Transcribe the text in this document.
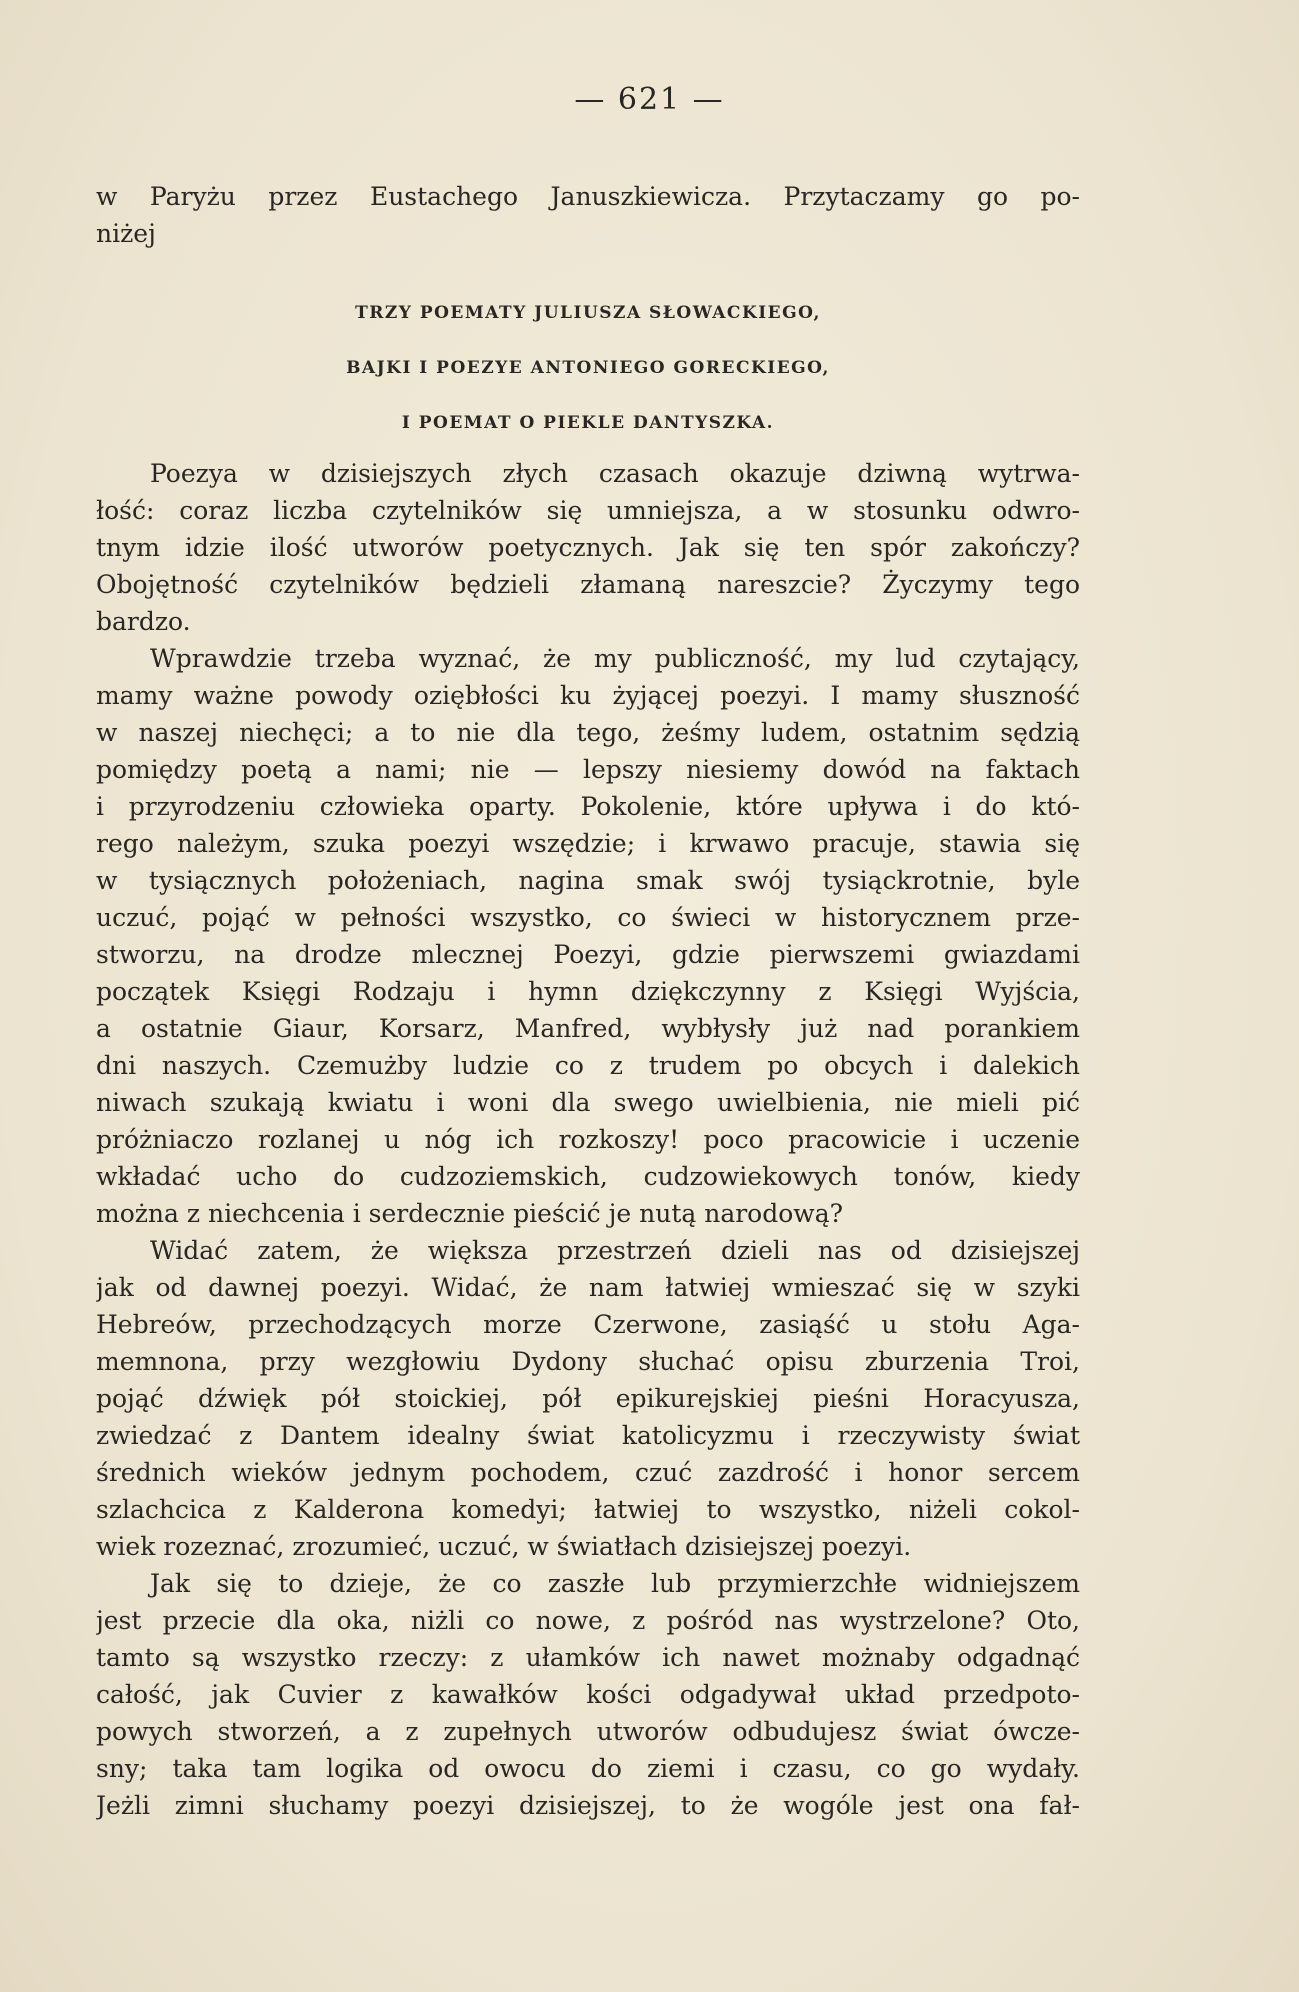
— 621 —
w Paryżu przez Eustachego Januszkiewicza. Przytaczamy go po-
niżej
TRZY POEMATY JULIUSZA SŁOWACKIEGO,
BAJKI I POEZYE ANTONIEGO GORECKIEGO,
I POEMAT O PIEKLE DANTYSZKA.
Poezya w dzisiejszych złych czasach okazuje dziwną wytrwa-
łość: coraz liczba czytelników się umniejsza, a w stosunku odwro-
tnym idzie ilość utworów poetycznych. Jak się ten spór zakończy?
Obojętność czytelników będzieli złamaną nareszcie? Życzymy tego
bardzo.
Wprawdzie trzeba wyznać, że my publiczność, my lud czytający,
mamy ważne powody oziębłości ku żyjącej poezyi. I mamy słuszność
w naszej niechęci; a to nie dla tego, żeśmy ludem, ostatnim sędzią
pomiędzy poetą a nami; nie — lepszy niesiemy dowód na faktach
i przyrodzeniu człowieka oparty. Pokolenie, które upływa i do któ-
rego należym, szuka poezyi wszędzie; i krwawo pracuje, stawia się
w tysiącznych położeniach, nagina smak swój tysiąckrotnie, byle
uczuć, pojąć w pełności wszystko, co świeci w historycznem prze-
stworzu, na drodze mlecznej Poezyi, gdzie pierwszemi gwiazdami
początek Księgi Rodzaju i hymn dziękczynny z Księgi Wyjścia,
a ostatnie Giaur, Korsarz, Manfred, wybłysły już nad porankiem
dni naszych. Czemużby ludzie co z trudem po obcych i dalekich
niwach szukają kwiatu i woni dla swego uwielbienia, nie mieli pić
próżniaczo rozlanej u nóg ich rozkoszy! poco pracowicie i uczenie
wkładać ucho do cudzoziemskich, cudzowiekowych tonów, kiedy
można z niechcenia i serdecznie pieścić je nutą narodową?
Widać zatem, że większa przestrzeń dzieli nas od dzisiejszej
jak od dawnej poezyi. Widać, że nam łatwiej wmieszać się w szyki
Hebreów, przechodzących morze Czerwone, zasiąść u stołu Aga-
memnona, przy wezgłowiu Dydony słuchać opisu zburzenia Troi,
pojąć dźwięk pół stoickiej, pół epikurejskiej pieśni Horacyusza,
zwiedzać z Dantem idealny świat katolicyzmu i rzeczywisty świat
średnich wieków jednym pochodem, czuć zazdrość i honor sercem
szlachcica z Kalderona komedyi; łatwiej to wszystko, niżeli cokol-
wiek rozeznać, zrozumieć, uczuć, w światłach dzisiejszej poezyi.
Jak się to dzieje, że co zaszłe lub przymierzchłe widniejszem
jest przecie dla oka, niżli co nowe, z pośród nas wystrzelone? Oto,
tamto są wszystko rzeczy: z ułamków ich nawet możnaby odgadnąć
całość, jak Cuvier z kawałków kości odgadywał układ przedpoto-
powych stworzeń, a z zupełnych utworów odbudujesz świat ówcze-
sny; taka tam logika od owocu do ziemi i czasu, co go wydały.
Jeżli zimni słuchamy poezyi dzisiejszej, to że wogóle jest ona fał-
